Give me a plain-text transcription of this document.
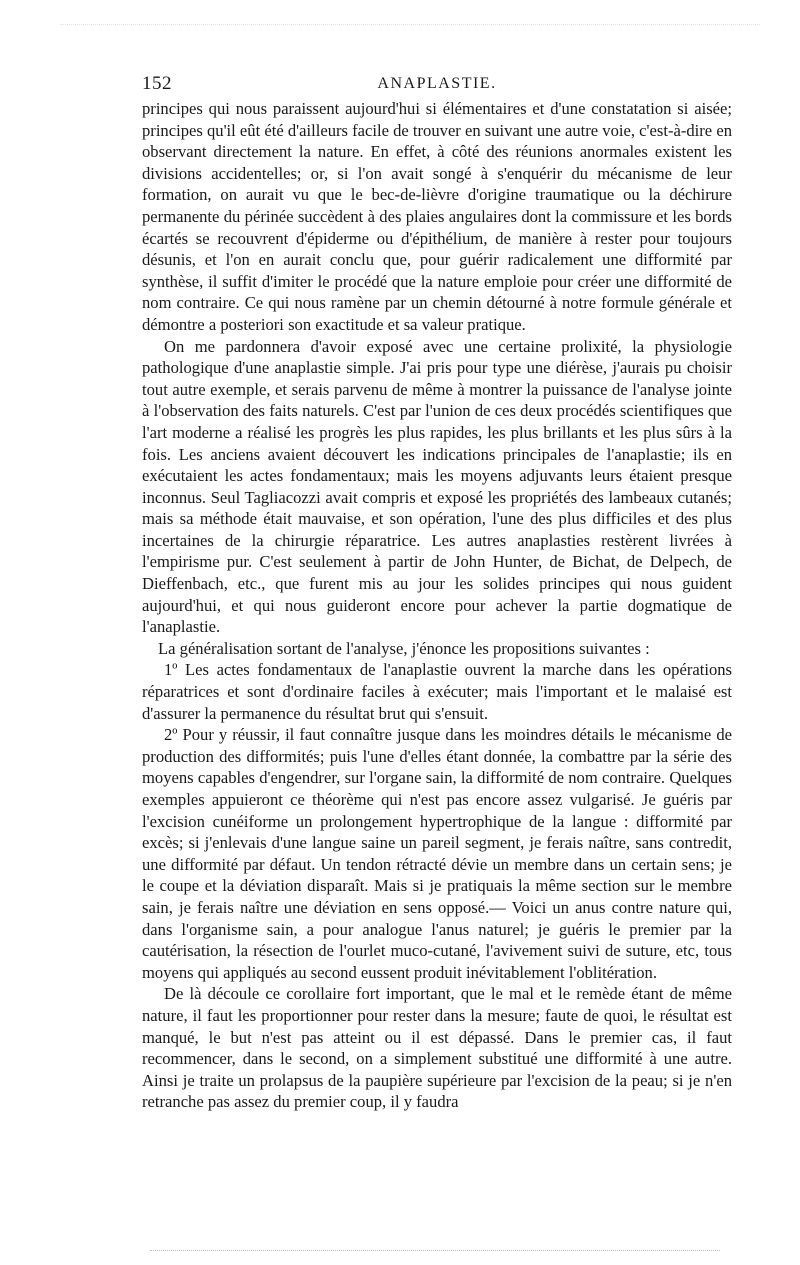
152	ANAPLASTIE.

principes qui nous paraissent aujourd'hui si élémentaires et d'une constatation si aisée; principes qu'il eût été d'ailleurs facile de trouver en suivant une autre voie, c'est-à-dire en observant directement la nature. En effet, à côté des réunions anormales existent les divisions accidentelles; or, si l'on avait songé à s'enquérir du mécanisme de leur formation, on aurait vu que le bec-de-lièvre d'origine traumatique ou la déchirure permanente du périnée succèdent à des plaies angulaires dont la commissure et les bords écartés se recouvrent d'épiderme ou d'épithélium, de manière à rester pour toujours désunis, et l'on en aurait conclu que, pour guérir radicalement une difformité par synthèse, il suffit d'imiter le procédé que la nature emploie pour créer une difformité de nom contraire. Ce qui nous ramène par un chemin détourné à notre formule générale et démontre a posteriori son exactitude et sa valeur pratique.

On me pardonnera d'avoir exposé avec une certaine prolixité, la physiologie pathologique d'une anaplastie simple. J'ai pris pour type une diérèse, j'aurais pu choisir tout autre exemple, et serais parvenu de même à montrer la puissance de l'analyse jointe à l'observation des faits naturels. C'est par l'union de ces deux procédés scientifiques que l'art moderne a réalisé les progrès les plus rapides, les plus brillants et les plus sûrs à la fois. Les anciens avaient découvert les indications principales de l'anaplastie; ils en exécutaient les actes fondamentaux; mais les moyens adjuvants leurs étaient presque inconnus. Seul Tagliacozzi avait compris et exposé les propriétés des lambeaux cutanés; mais sa méthode était mauvaise, et son opération, l'une des plus difficiles et des plus incertaines de la chirurgie réparatrice. Les autres anaplasties restèrent livrées à l'empirisme pur. C'est seulement à partir de John Hunter, de Bichat, de Delpech, de Dieffenbach, etc., que furent mis au jour les solides principes qui nous guident aujourd'hui, et qui nous guideront encore pour achever la partie dogmatique de l'anaplastie.

La généralisation sortant de l'analyse, j'énonce les propositions suivantes :

1º Les actes fondamentaux de l'anaplastie ouvrent la marche dans les opérations réparatrices et sont d'ordinaire faciles à exécuter; mais l'important et le malaisé est d'assurer la permanence du résultat brut qui s'ensuit.

2º Pour y réussir, il faut connaître jusque dans les moindres détails le mécanisme de production des difformités; puis l'une d'elles étant donnée, la combattre par la série des moyens capables d'engendrer, sur l'organe sain, la difformité de nom contraire. Quelques exemples appuieront ce théorème qui n'est pas encore assez vulgarisé. Je guéris par l'excision cunéiforme un prolongement hypertrophique de la langue : difformité par excès; si j'enlevais d'une langue saine un pareil segment, je ferais naître, sans contredit, une difformité par défaut. Un tendon rétracté dévie un membre dans un certain sens; je le coupe et la déviation disparaît. Mais si je pratiquais la même section sur le membre sain, je ferais naître une déviation en sens opposé.— Voici un anus contre nature qui, dans l'organisme sain, a pour analogue l'anus naturel; je guéris le premier par la cautérisation, la résection de l'ourlet muco-cutané, l'avivement suivi de suture, etc, tous moyens qui appliqués au second eussent produit inévitablement l'oblitération.

De là découle ce corollaire fort important, que le mal et le remède étant de même nature, il faut les proportionner pour rester dans la mesure; faute de quoi, le résultat est manqué, le but n'est pas atteint ou il est dépassé. Dans le premier cas, il faut recommencer, dans le second, on a simplement substitué une difformité à une autre. Ainsi je traite un prolapsus de la paupière supérieure par l'excision de la peau; si je n'en retranche pas assez du premier coup, il y faudra
